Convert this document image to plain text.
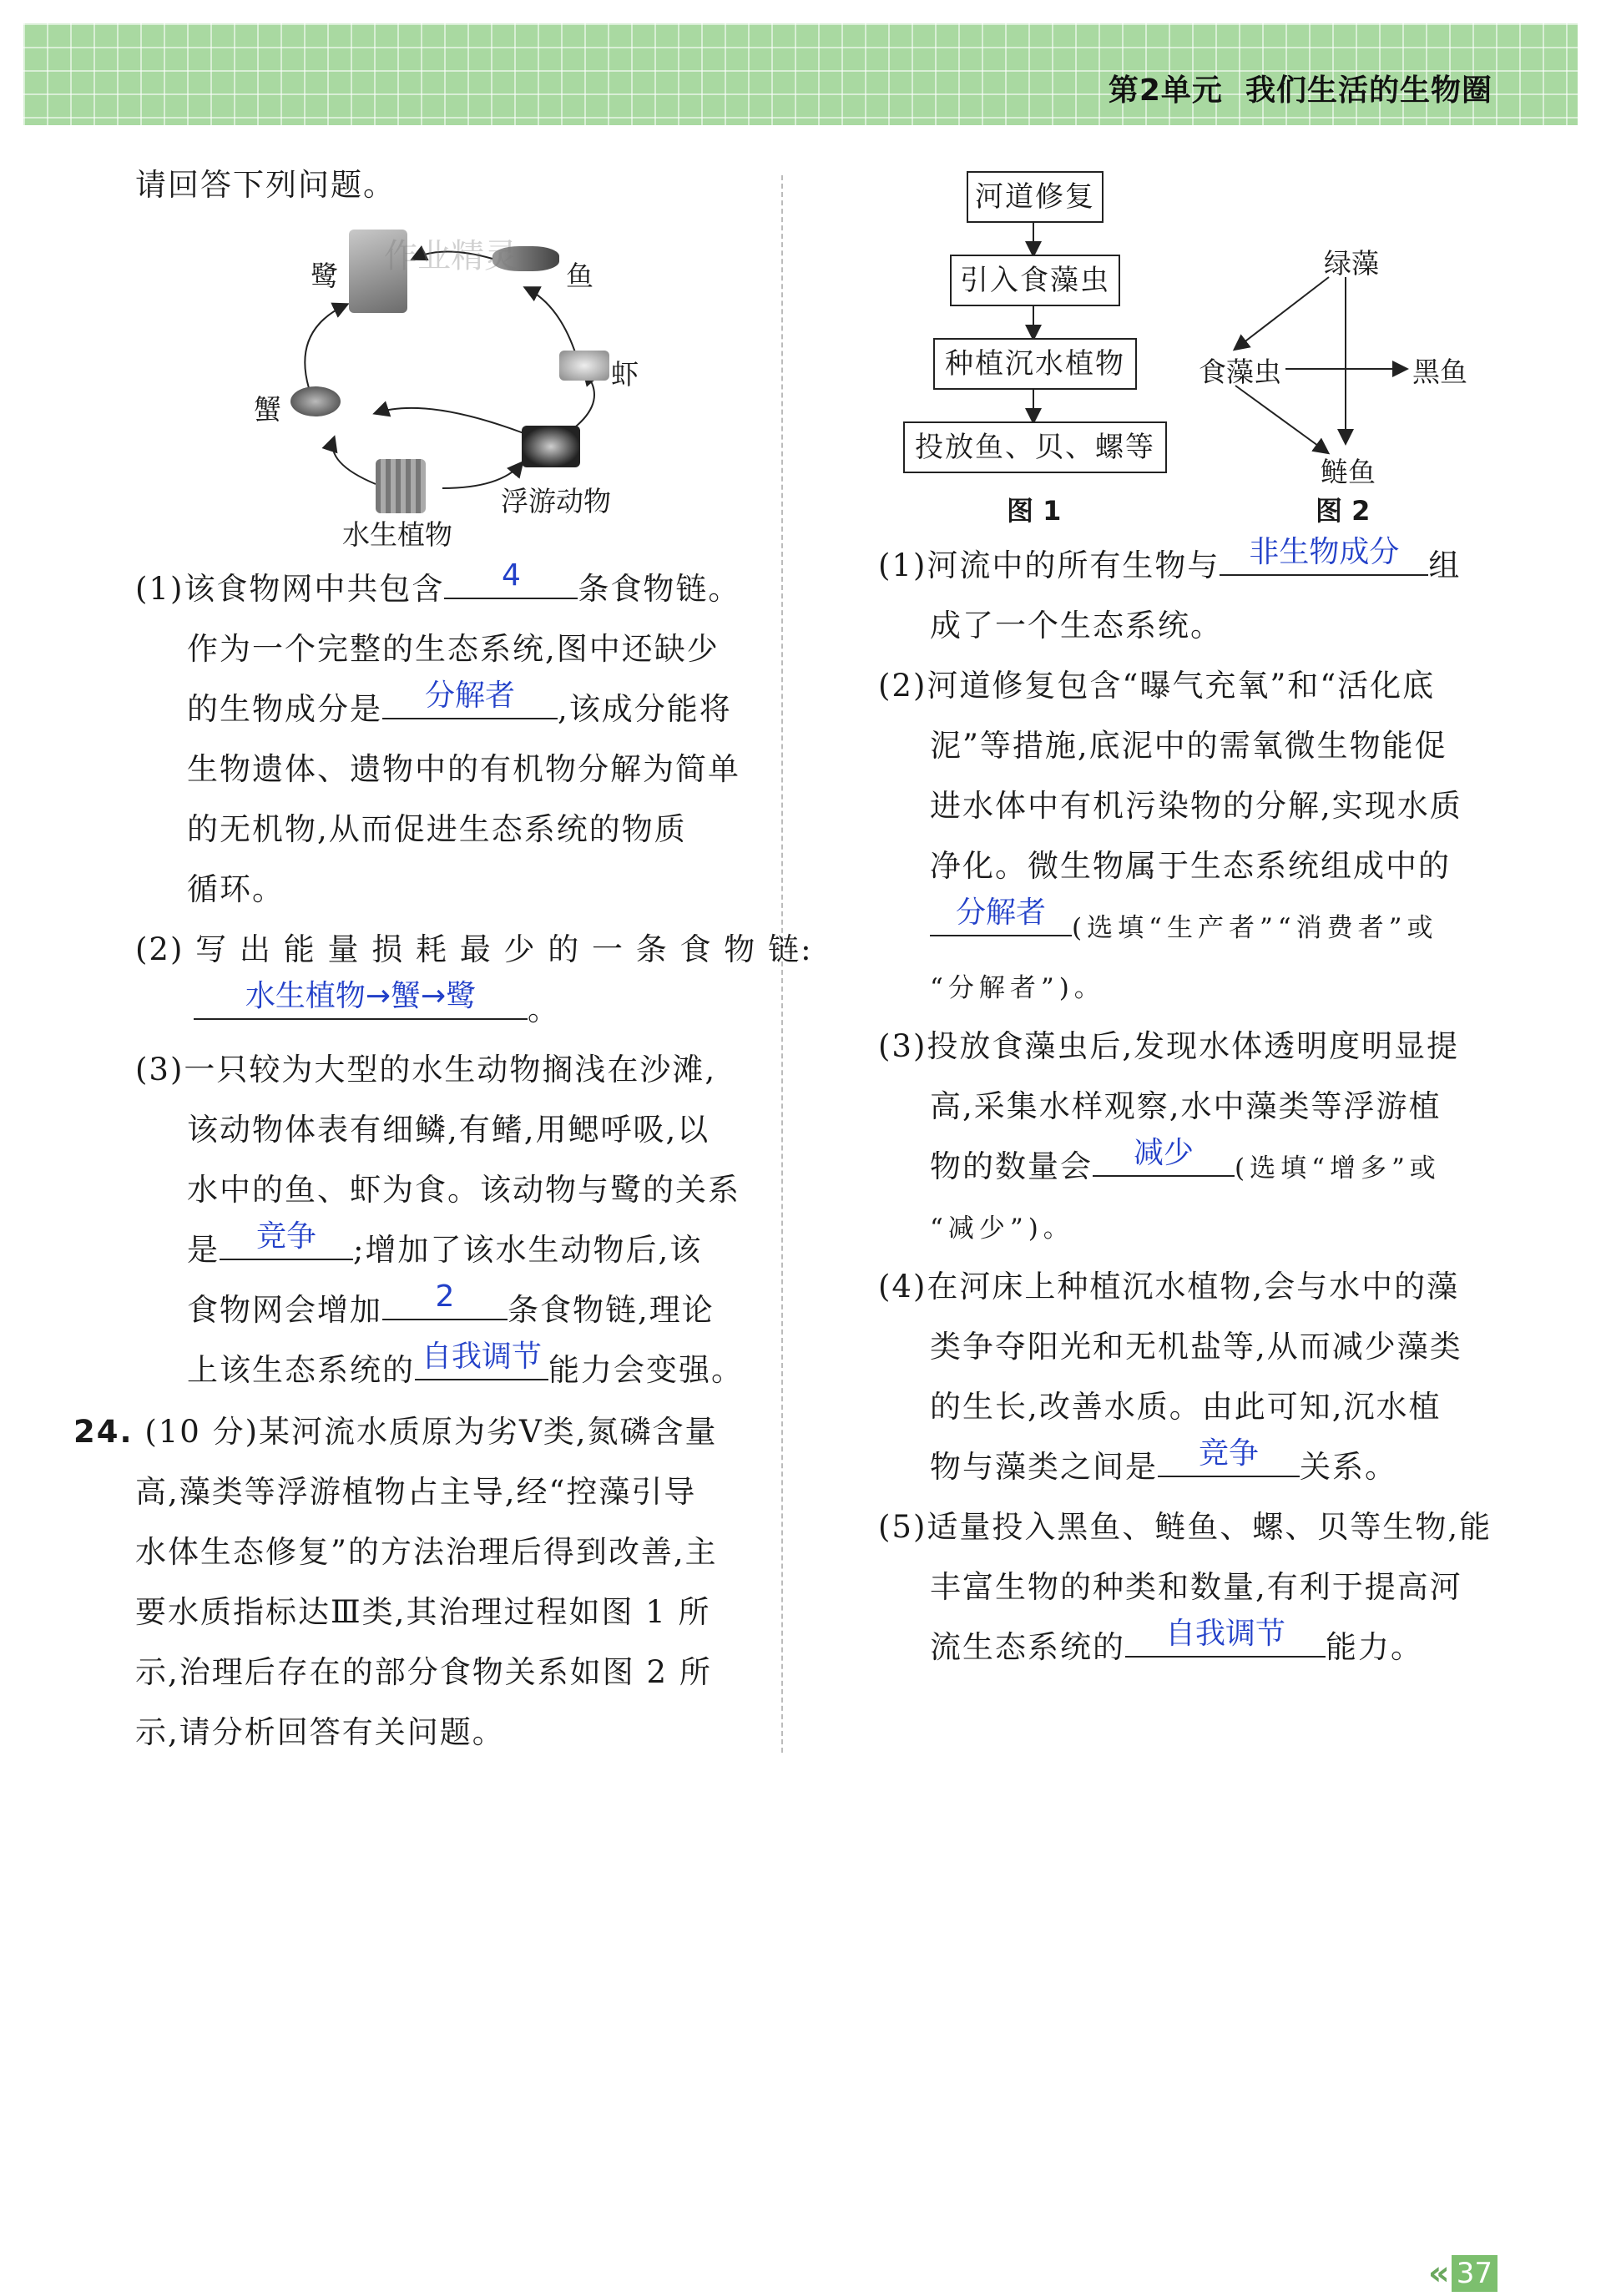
第2单元  我们生活的生物圈
请回答下列问题。
鹭	鱼
虾
蟹
浮游动物
水生植物
作业精灵
(1)该食物网中共包含	4	条食物链。
作为一个完整的生态系统,图中还缺少
的生物成分是	分解者	,该成分能将
生物遗体、遗物中的有机物分解为简单
的无机物,从而促进生态系统的物质
循环。
(2) 写 出 能 量 损 耗 最 少 的 一 条 食 物 链:
水生植物→蟹→鹭	。
(3)一只较为大型的水生动物搁浅在沙滩,
该动物体表有细鳞,有鳍,用鳃呼吸,以
水中的鱼、虾为食。该动物与鹭的关系
是	竞争	;增加了该水生动物后,该
食物网会增加	2	条食物链,理论
上该生态系统的 自我调节 能力会变强。
24. (10 分)某河流水质原为劣Ⅴ类,氮磷含量
高,藻类等浮游植物占主导,经“控藻引导
水体生态修复”的方法治理后得到改善,主
要水质指标达Ⅲ类,其治理过程如图 1 所
示,治理后存在的部分食物关系如图 2 所
示,请分析回答有关问题。
河道修复
引入食藻虫
种植沉水植物
投放鱼、贝、螺等
图 1
绿藻
食藻虫	黑鱼
鲢鱼
图 2
(1)河流中的所有生物与 非生物成分 组
成了一个生态系统。
(2)河道修复包含“曝气充氧”和“活化底
泥”等措施,底泥中的需氧微生物能促
进水体中有机污染物的分解,实现水质
净化。微生物属于生态系统组成中的
分解者	(选填“生产者”“消费者”或
“分解者”)。
(3)投放食藻虫后,发现水体透明度明显提
高,采集水样观察,水中藻类等浮游植
物的数量会	减少	(选填“增多”或
“减少”)。
(4)在河床上种植沉水植物,会与水中的藻
类争夺阳光和无机盐等,从而减少藻类
的生长,改善水质。由此可知,沉水植
物与藻类之间是	竞争	关系。
(5)适量投入黑鱼、鲢鱼、螺、贝等生物,能
丰富生物的种类和数量,有利于提高河
流生态系统的	自我调节	能力。
« 37
